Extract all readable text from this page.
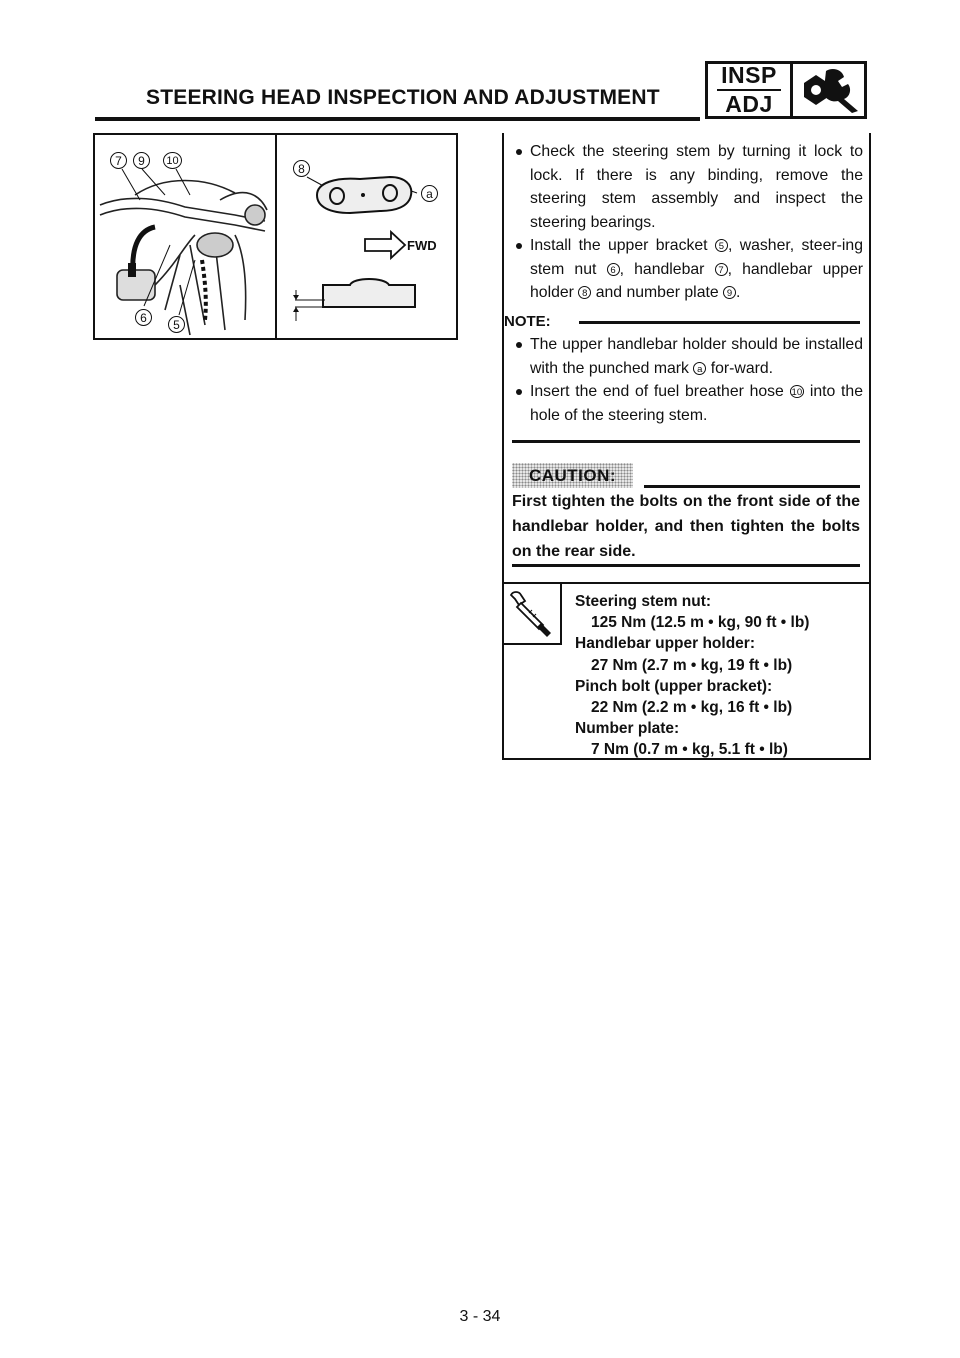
STEERING HEAD INSPECTION AND ADJUSTMENT
INSP
ADJ
7	9	10
6	5
8
a
FWD
Check the steering stem by turning it lock to lock. If there is any binding, remove the steering stem assembly and inspect the steering bearings.
Install the upper bracket 5 , washer, steer-ing stem nut 6 , handlebar 7 , handlebar upper holder 8 and number plate 9 .
NOTE:
The upper handlebar holder should be installed with the punched mark a for-ward.
Insert the end of fuel breather hose 10 into the hole of the steering stem.
CAUTION:
First tighten the bolts on the front side of the handlebar holder, and then tighten the bolts on the rear side.
Steering stem nut:
125 Nm (12.5 m • kg, 90 ft • lb)
Handlebar upper holder:
27 Nm (2.7 m • kg, 19 ft • lb)
Pinch bolt (upper bracket):
22 Nm (2.2 m • kg, 16 ft • lb)
Number plate:
7 Nm (0.7 m • kg, 5.1 ft • lb)
3 - 34
